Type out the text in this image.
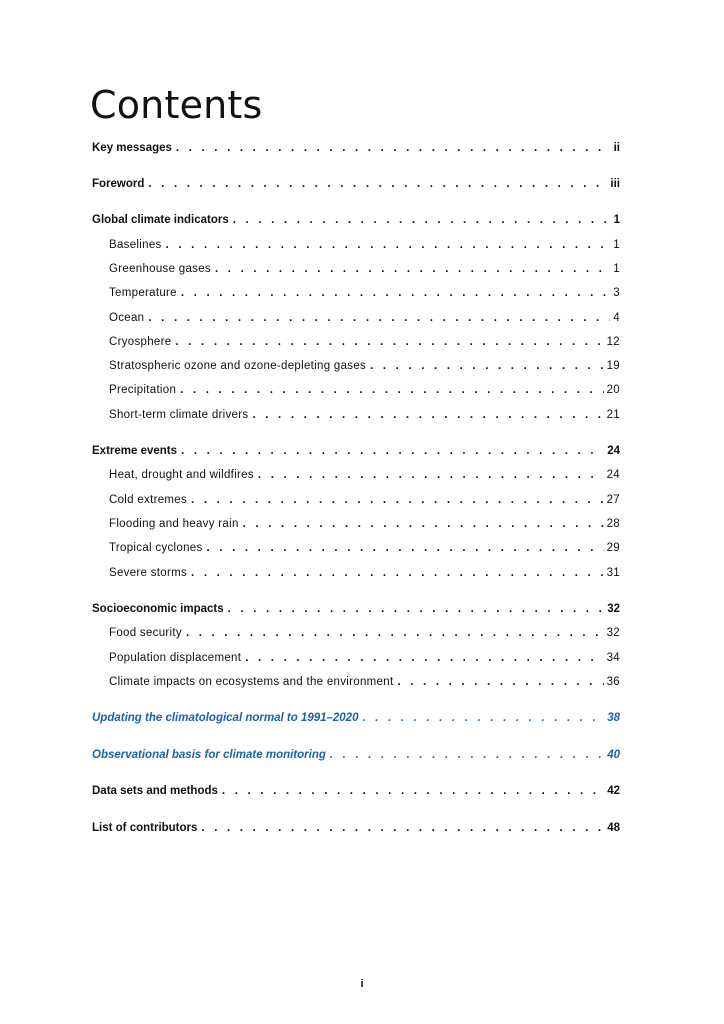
Contents
Key messages . . .	ii
Foreword . . .	iii
Global climate indicators . . .	1
Baselines . . .	1
Greenhouse gases . . .	1
Temperature . . .	3
Ocean . . .	4
Cryosphere . . .	12
Stratospheric ozone and ozone-depleting gases . . .	19
Precipitation . . .	20
Short-term climate drivers . . .	21
Extreme events . . .	24
Heat, drought and wildfires . . .	24
Cold extremes . . .	27
Flooding and heavy rain . . .	28
Tropical cyclones . . .	29
Severe storms . . .	31
Socioeconomic impacts . . .	32
Food security . . .	32
Population displacement . . .	34
Climate impacts on ecosystems and the environment . . .	36
Updating the climatological normal to 1991–2020 . . .	38
Observational basis for climate monitoring . . .	40
Data sets and methods . . .	42
List of contributors . . .	48
i
